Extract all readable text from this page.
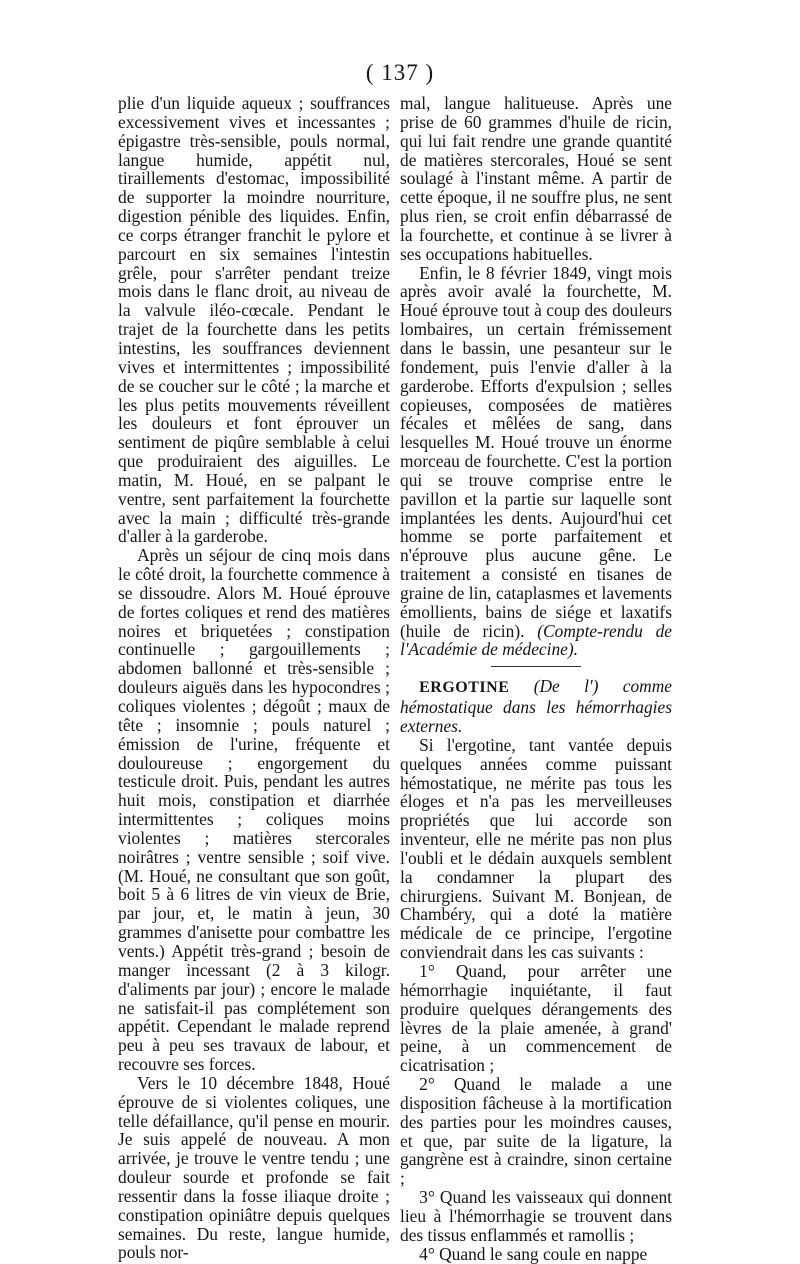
( 137 )

plie d'un liquide aqueux ; souffrances excessivement vives et incessantes ; épigastre très-sensible, pouls normal, langue humide, appétit nul, tiraillements d'estomac, impossibilité de supporter la moindre nourriture, digestion pénible des liquides. Enfin, ce corps étranger franchit le pylore et parcourt en six semaines l'intestin grêle, pour s'arrêter pendant treize mois dans le flanc droit, au niveau de la valvule iléo-cœcale. Pendant le trajet de la fourchette dans les petits intestins, les souffrances deviennent vives et intermittentes ; impossibilité de se coucher sur le côté ; la marche et les plus petits mouvements réveillent les douleurs et font éprouver un sentiment de piqûre semblable à celui que produiraient des aiguilles. Le matin, M. Houé, en se palpant le ventre, sent parfaitement la fourchette avec la main ; difficulté très-grande d'aller à la garderobe.

Après un séjour de cinq mois dans le côté droit, la fourchette commence à se dissoudre. Alors M. Houé éprouve de fortes coliques et rend des matières noires et briquetées ; constipation continuelle ; gargouillements ; abdomen ballonné et très-sensible ; douleurs aiguës dans les hypocondres ; coliques violentes ; dégoût ; maux de tête ; insomnie ; pouls naturel ; émission de l'urine, fréquente et douloureuse ; engorgement du testicule droit. Puis, pendant les autres huit mois, constipation et diarrhée intermittentes ; coliques moins violentes ; matières stercorales noirâtres ; ventre sensible ; soif vive. (M. Houé, ne consultant que son goût, boit 5 à 6 litres de vin vieux de Brie, par jour, et, le matin à jeun, 30 grammes d'anisette pour combattre les vents.) Appétit très-grand ; besoin de manger incessant (2 à 3 kilogr. d'aliments par jour) ; encore le malade ne satisfait-il pas complétement son appétit. Cependant le malade reprend peu à peu ses travaux de labour, et recouvre ses forces.

Vers le 10 décembre 1848, Houé éprouve de si violentes coliques, une telle défaillance, qu'il pense en mourir. Je suis appelé de nouveau. A mon arrivée, je trouve le ventre tendu ; une douleur sourde et profonde se fait ressentir dans la fosse iliaque droite ; constipation opiniâtre depuis quelques semaines. Du reste, langue humide, pouls nor-

mal, langue halitueuse. Après une prise de 60 grammes d'huile de ricin, qui lui fait rendre une grande quantité de matières stercorales, Houé se sent soulagé à l'instant même. A partir de cette époque, il ne souffre plus, ne sent plus rien, se croit enfin débarrassé de la fourchette, et continue à se livrer à ses occupations habituelles.

Enfin, le 8 février 1849, vingt mois après avoir avalé la fourchette, M. Houé éprouve tout à coup des douleurs lombaires, un certain frémissement dans le bassin, une pesanteur sur le fondement, puis l'envie d'aller à la garderobe. Efforts d'expulsion ; selles copieuses, composées de matières fécales et mêlées de sang, dans lesquelles M. Houé trouve un énorme morceau de fourchette. C'est la portion qui se trouve comprise entre le pavillon et la partie sur laquelle sont implantées les dents. Aujourd'hui cet homme se porte parfaitement et n'éprouve plus aucune gêne. Le traitement a consisté en tisanes de graine de lin, cataplasmes et lavements émollients, bains de siége et laxatifs (huile de ricin). (Compte-rendu de l'Académie de médecine).

ERGOTINE (De l') comme hémostatique dans les hémorrhagies externes.

Si l'ergotine, tant vantée depuis quelques années comme puissant hémostatique, ne mérite pas tous les éloges et n'a pas les merveilleuses propriétés que lui accorde son inventeur, elle ne mérite pas non plus l'oubli et le dédain auxquels semblent la condamner la plupart des chirurgiens. Suivant M. Bonjean, de Chambéry, qui a doté la matière médicale de ce principe, l'ergotine conviendrait dans les cas suivants :

1° Quand, pour arrêter une hémorrhagie inquiétante, il faut produire quelques dérangements des lèvres de la plaie amenée, à grand' peine, à un commencement de cicatrisation ;

2° Quand le malade a une disposition fâcheuse à la mortification des parties pour les moindres causes, et que, par suite de la ligature, la gangrène est à craindre, sinon certaine ;

3° Quand les vaisseaux qui donnent lieu à l'hémorrhagie se trouvent dans des tissus enflammés et ramollis ;

4° Quand le sang coule en nappe
